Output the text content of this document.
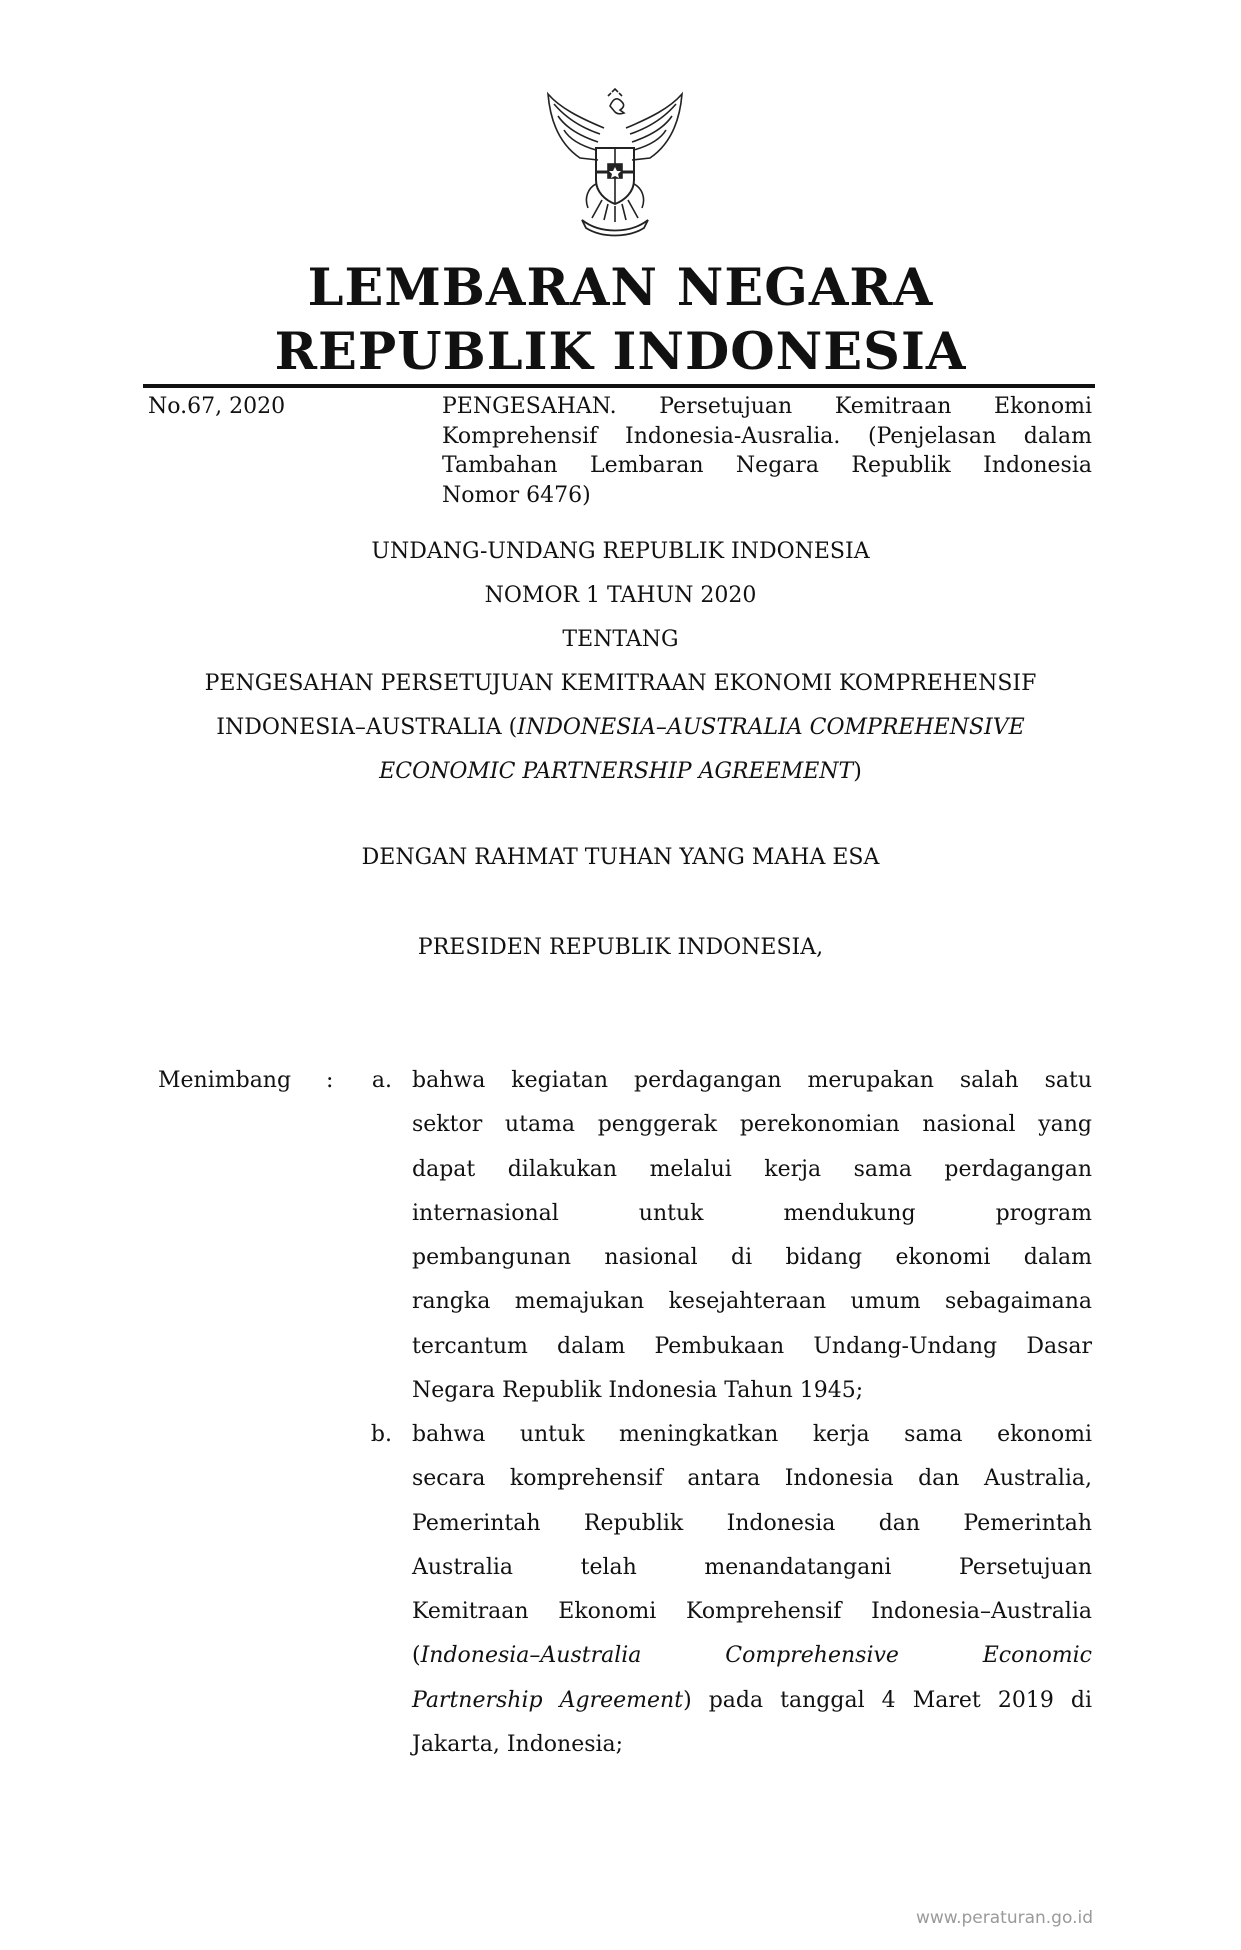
LEMBARAN NEGARA
REPUBLIK INDONESIA
No.67, 2020	PENGESAHAN. Persetujuan Kemitraan Ekonomi
Komprehensif Indonesia-Ausralia. (Penjelasan dalam
Tambahan Lembaran Negara Republik Indonesia
Nomor 6476)
UNDANG-UNDANG REPUBLIK INDONESIA
NOMOR 1 TAHUN 2020
TENTANG
PENGESAHAN PERSETUJUAN KEMITRAAN EKONOMI KOMPREHENSIF
INDONESIA–AUSTRALIA (INDONESIA–AUSTRALIA COMPREHENSIVE
ECONOMIC PARTNERSHIP AGREEMENT)
DENGAN RAHMAT TUHAN YANG MAHA ESA
PRESIDEN REPUBLIK INDONESIA,
Menimbang :	a. bahwa kegiatan perdagangan merupakan salah satu
sektor utama penggerak perekonomian nasional yang
dapat dilakukan melalui kerja sama perdagangan
internasional untuk mendukung program
pembangunan nasional di bidang ekonomi dalam
rangka memajukan kesejahteraan umum sebagaimana
tercantum dalam Pembukaan Undang-Undang Dasar
Negara Republik Indonesia Tahun 1945;
b. bahwa untuk meningkatkan kerja sama ekonomi
secara komprehensif antara Indonesia dan Australia,
Pemerintah Republik Indonesia dan Pemerintah
Australia telah menandatangani Persetujuan
Kemitraan Ekonomi Komprehensif Indonesia–Australia
(Indonesia–Australia Comprehensive Economic
Partnership Agreement) pada tanggal 4 Maret 2019 di
Jakarta, Indonesia;
www.peraturan.go.id
